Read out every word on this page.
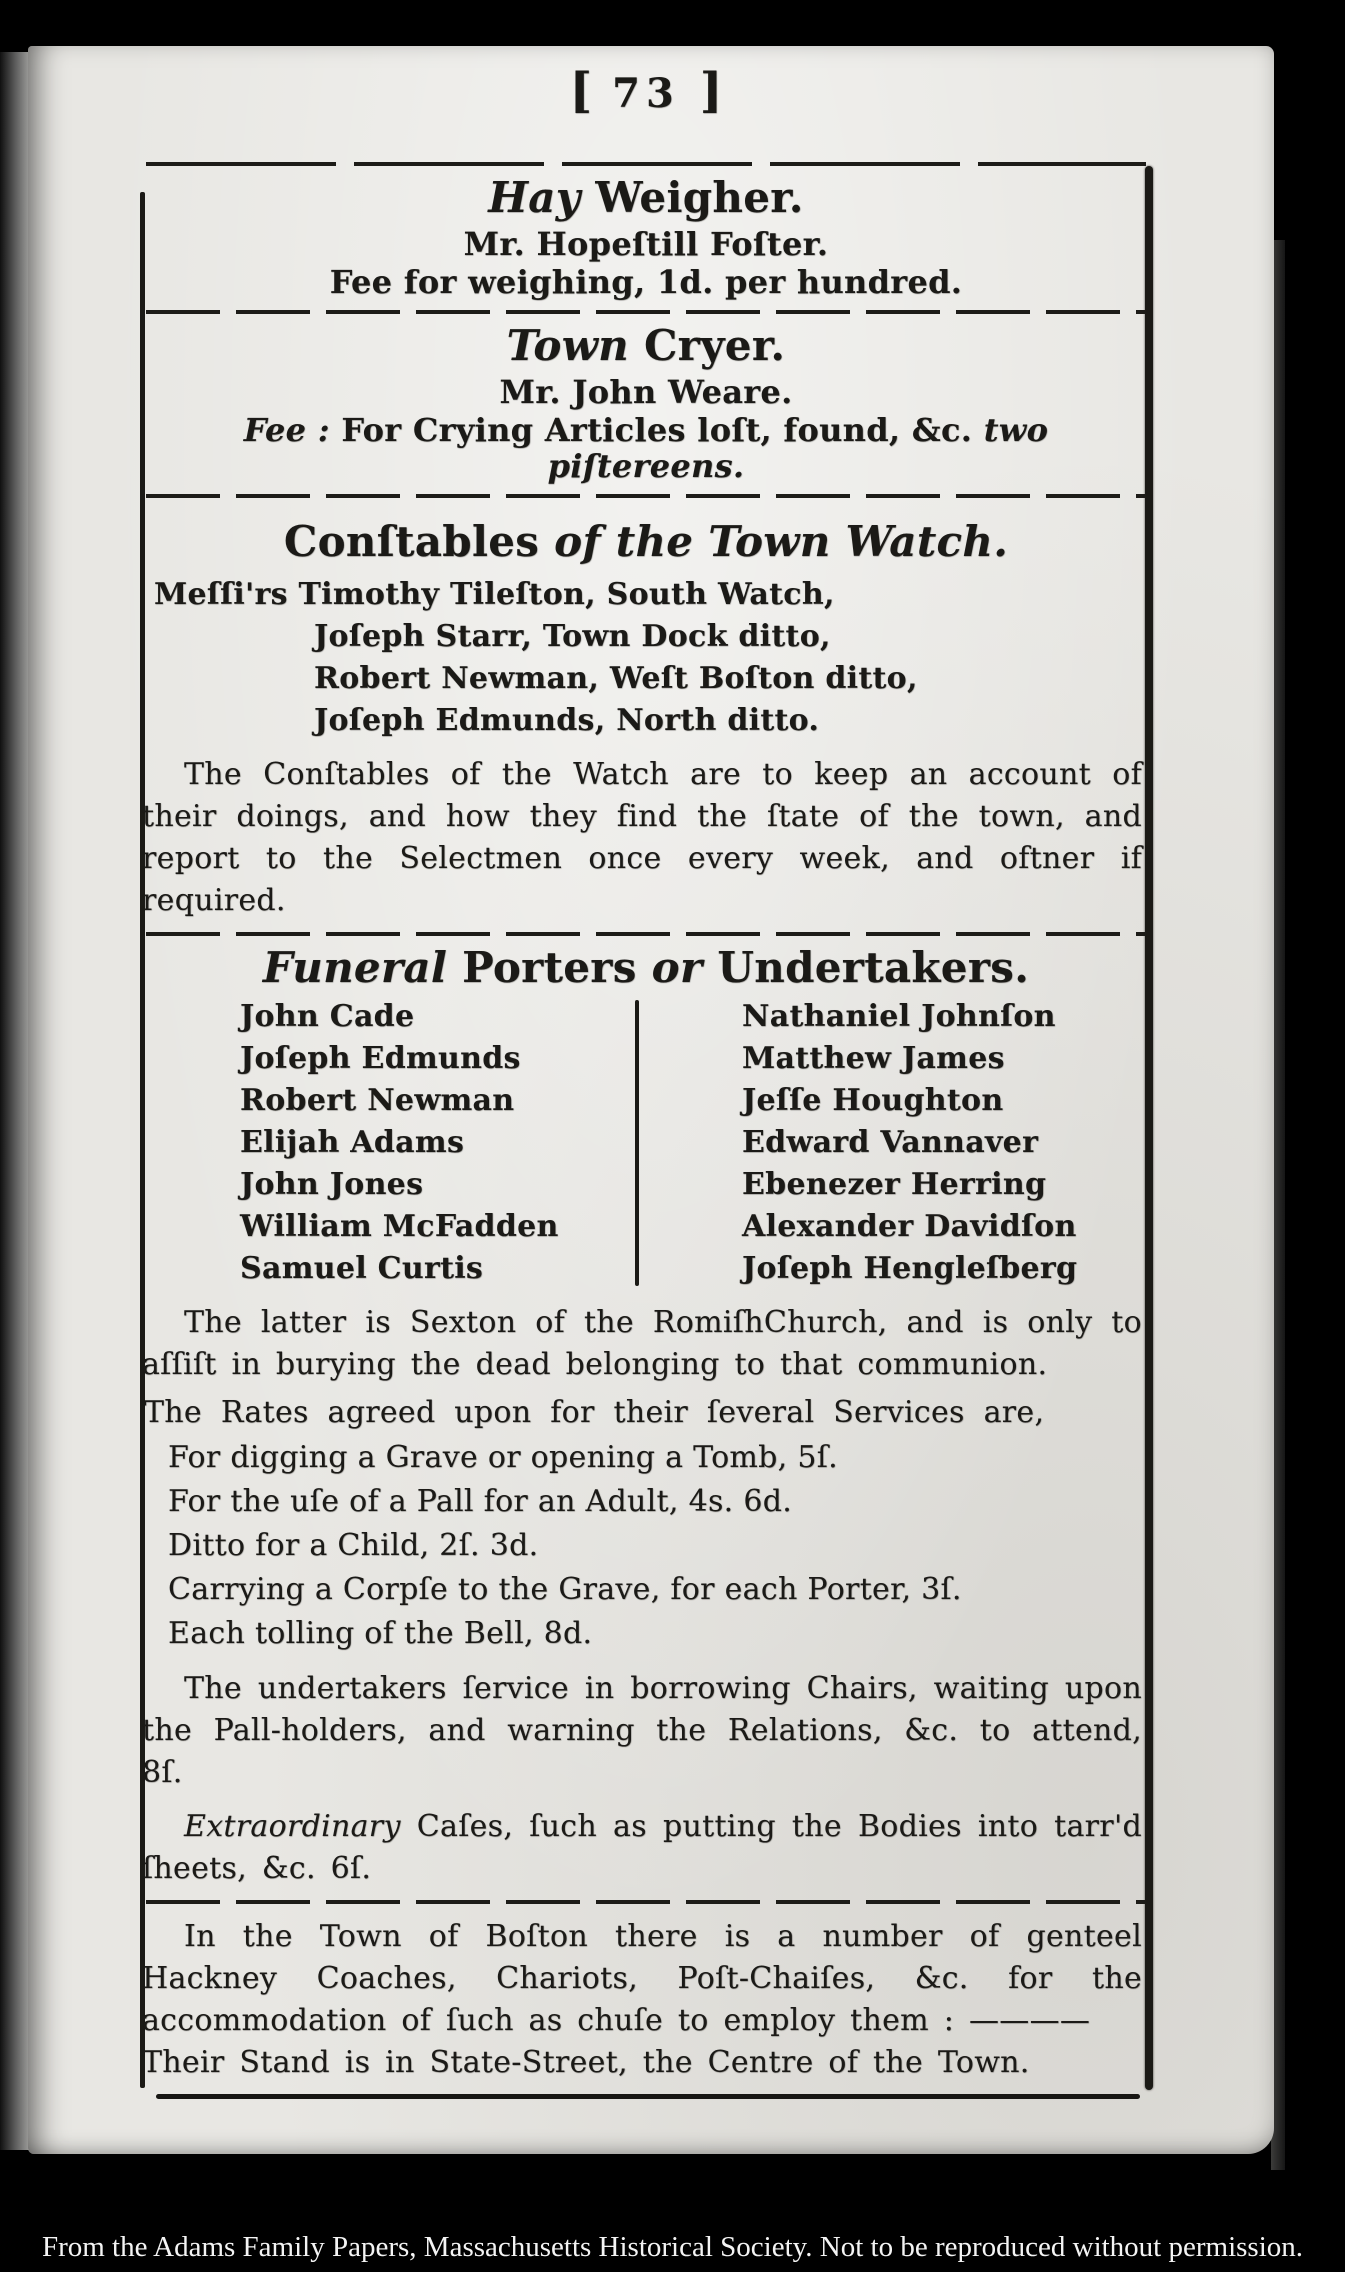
[ 73 ]
Hay Weigher.
Mr. Hopeſtill Foſter.
Fee for weighing, 1d. per hundred.
Town Cryer.
Mr. John Weare.
Fee : For Crying Articles loſt, found, &c. two piſtereens.
Conſtables of the Town Watch.
Meſſi'rs Timothy Tileſton, South Watch,
Joſeph Starr, Town Dock ditto,
Robert Newman, Weſt Boſton ditto,
Joſeph Edmunds, North ditto.
The Conſtables of the Watch are to keep an account of their doings, and how they find the ſtate of the town, and report to the Selectmen once every week, and oftner if required.
Funeral Porters or Undertakers.
John Cade
Joſeph Edmunds
Robert Newman
Elijah Adams
John Jones
William McFadden
Samuel Curtis
Nathaniel Johnſon
Matthew James
Jeſſe Houghton
Edward Vannaver
Ebenezer Herring
Alexander Davidſon
Joſeph Hengleſberg
The latter is Sexton of the RomiſhChurch, and is only to aſſiſt in burying the dead belonging to that communion.
The Rates agreed upon for their ſeveral Services are,
For digging a Grave or opening a Tomb, 5ſ.
For the uſe of a Pall for an Adult, 4s. 6d.
Ditto for a Child, 2ſ. 3d.
Carrying a Corpſe to the Grave, for each Porter, 3ſ.
Each tolling of the Bell, 8d.
The undertakers ſervice in borrowing Chairs, waiting upon the Pall-holders, and warning the Relations, &c. to attend, 8ſ.
Extraordinary Caſes, ſuch as putting the Bodies into tarr'd ſheets, &c. 6ſ.
In the Town of Boſton there is a number of genteel Hackney Coaches, Chariots, Poſt-Chaiſes, &c. for the accommodation of ſuch as chuſe to employ them : ————
Their Stand is in State-Street, the Centre of the Town.
From the Adams Family Papers, Massachusetts Historical Society. Not to be reproduced without permission.
